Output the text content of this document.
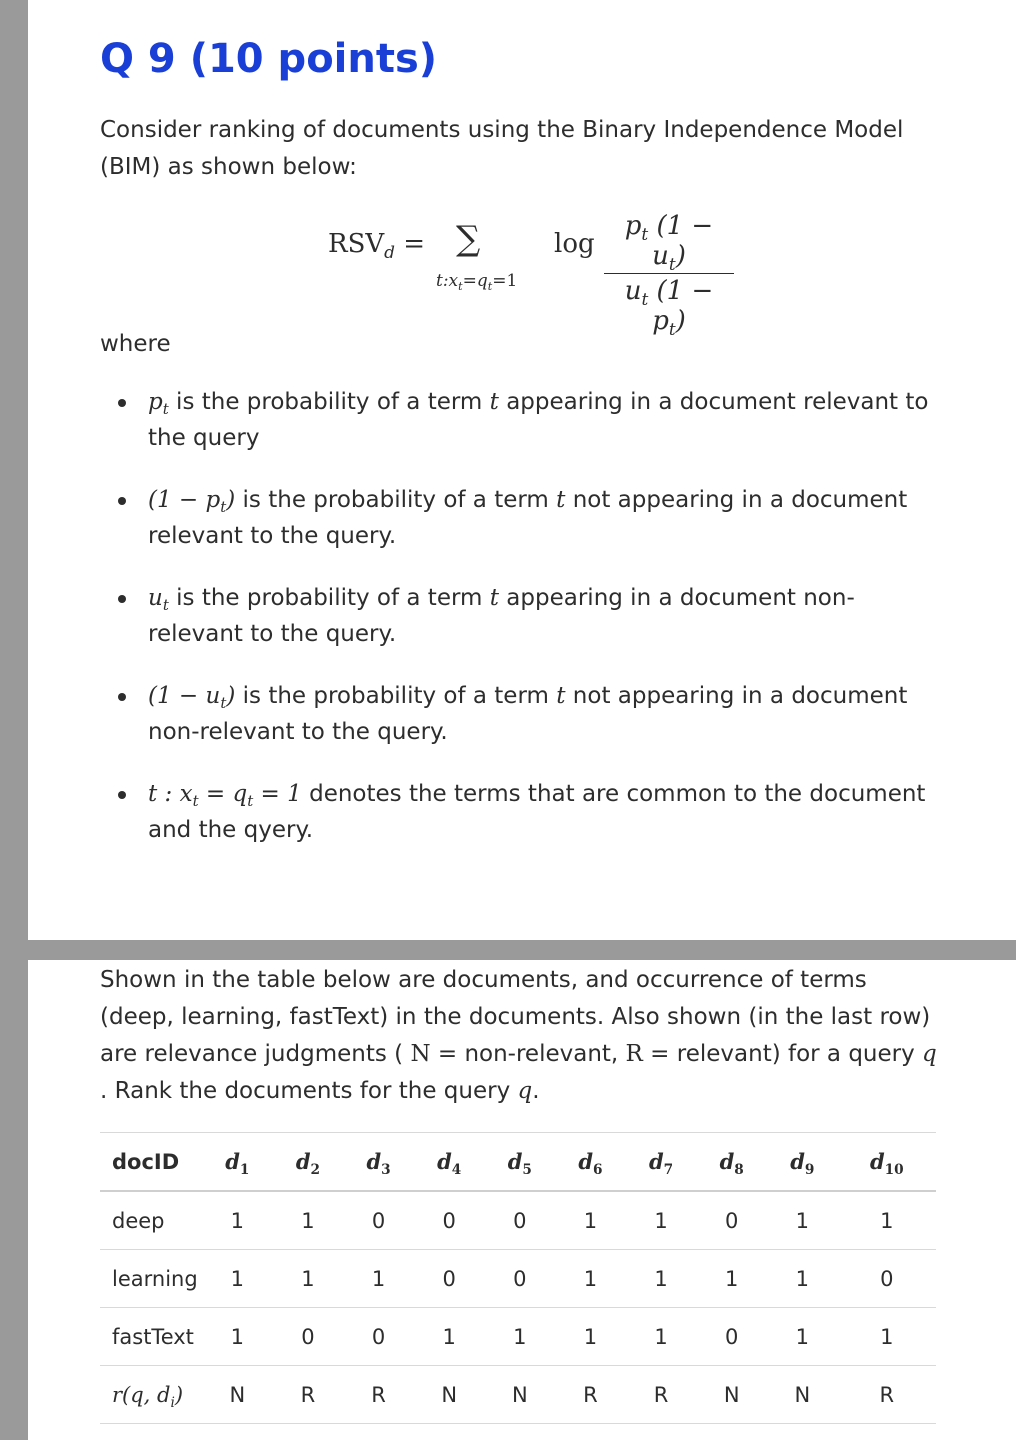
Q 9 (10 points)

Consider ranking of documents using the Binary Independence Model (BIM) as shown below:

$RSV_d$ = ∑
$t:x_t=q_t=1$
log
$p_t$ $(1 - u_t)$
$u_t$ $(1 - p_t)$

where

$p_t$ is the probability of a term t appearing in a document relevant to the query
$(1 - p_t)$ is the probability of a term t not appearing in a document relevant to the query.
$u_t$ is the probability of a term t appearing in a document non-relevant to the query.
$(1 - u_t)$ is the probability of a term t not appearing in a document non-relevant to the query.
t : $x_t = q_t = 1$ denotes the terms that are common to the document and the qyery.

Shown in the table below are documents, and occurrence of terms (deep, learning, fastText) in the documents. Also shown (in the last row) are relevance judgments ( N = non-relevant, R = relevant) for a query q . Rank the documents for the query q.

docID	$d_1$	$d_2$	$d_3$	$d_4$	$d_5$	$d_6$	$d_7$	$d_8$	$d_9$	$d_{10}$
deep	1	1	0	0	0	1	1	0	1	1
learning	1	1	1	0	0	1	1	1	1	0
fastText	1	0	0	1	1	1	1	0	1	1
r(q, $d_i$)	N	R	R	N	N	R	R	N	N	R
